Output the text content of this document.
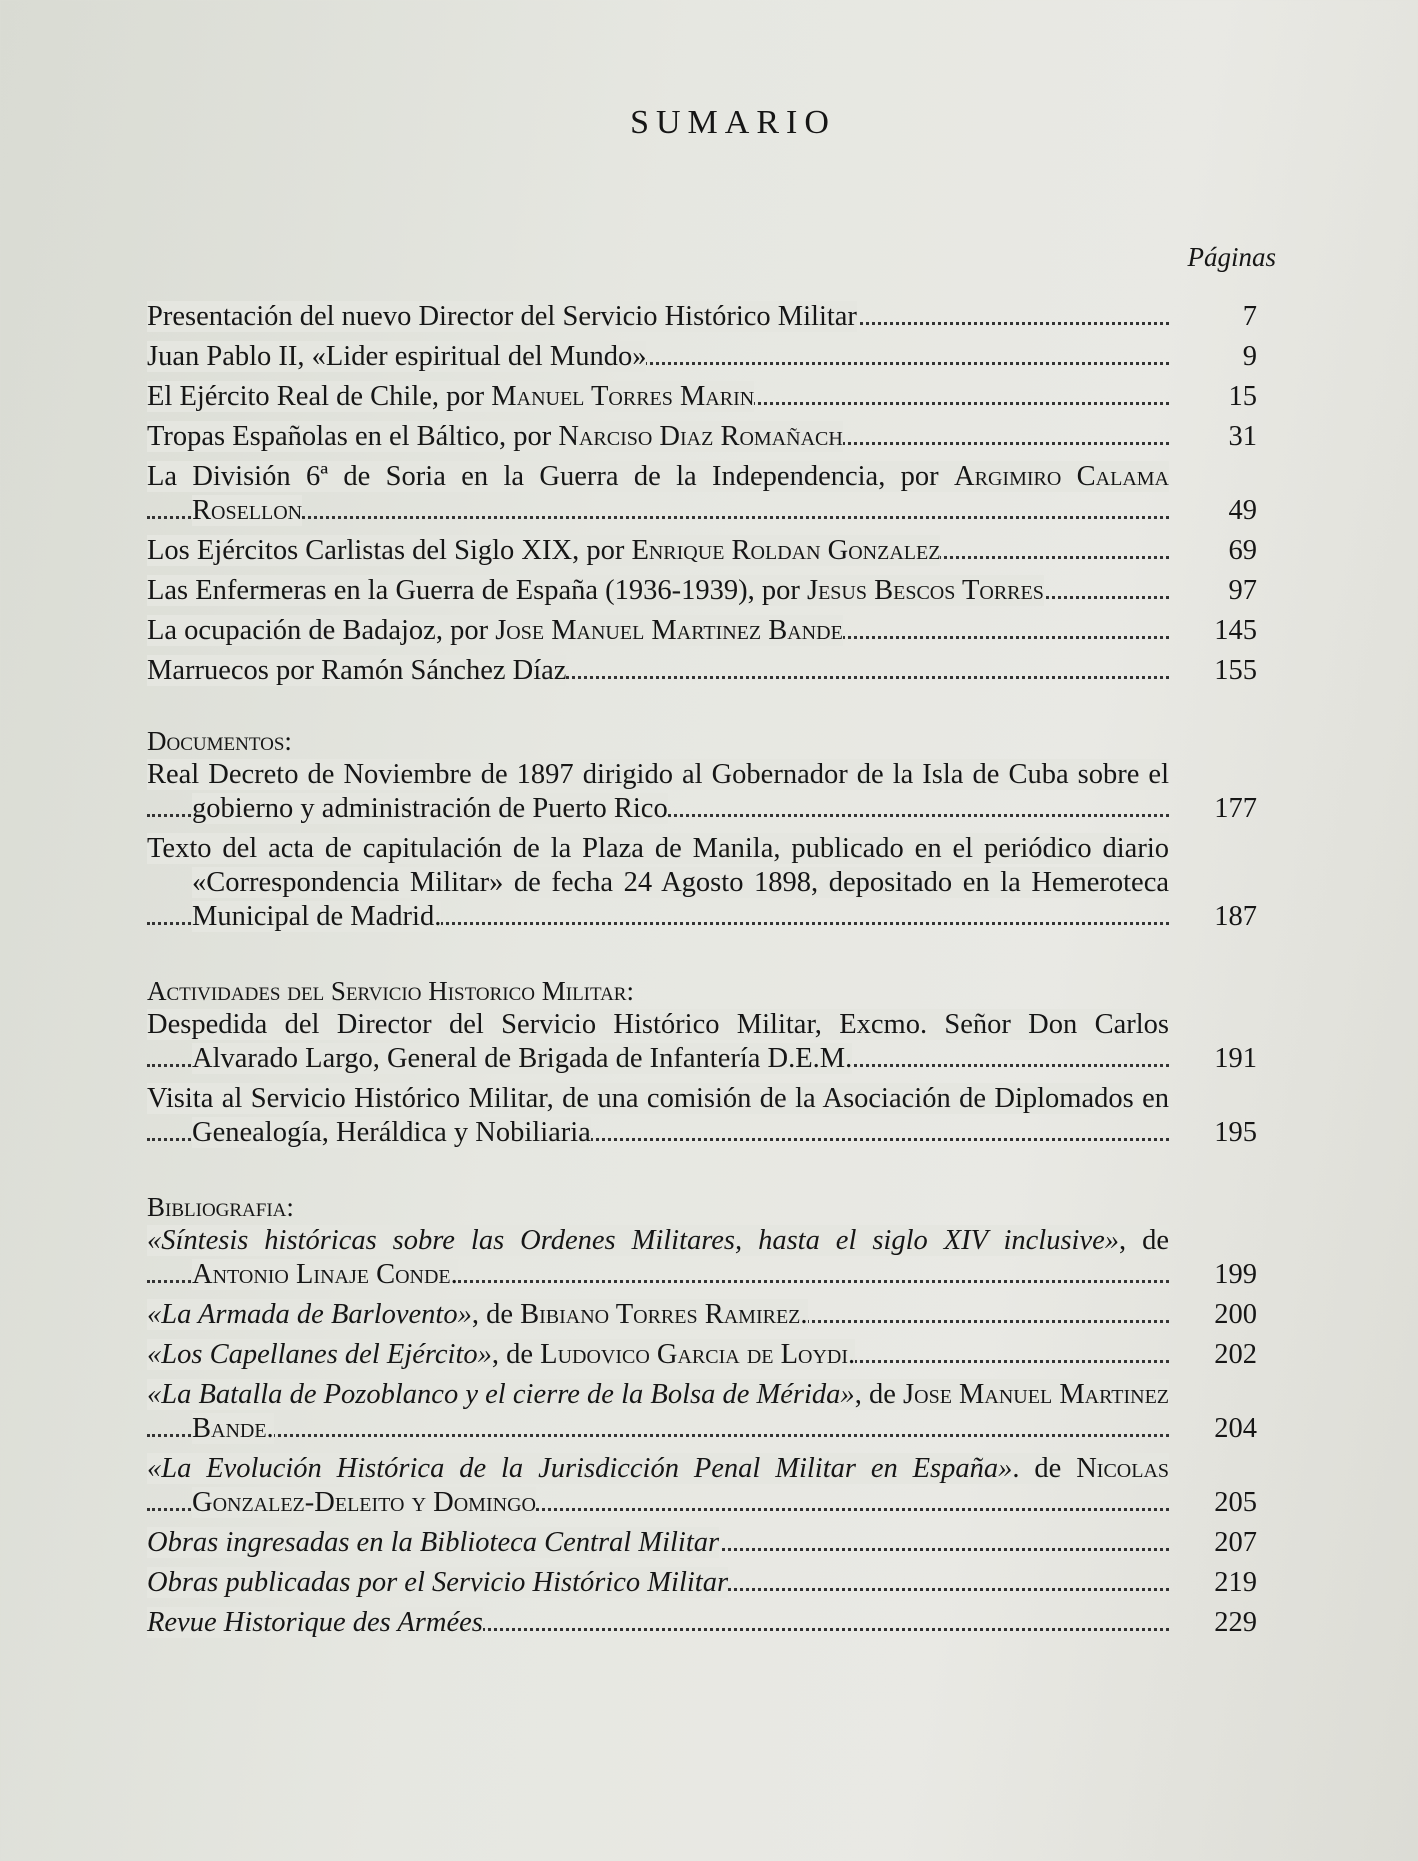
SUMARIO
Páginas
Presentación del nuevo Director del Servicio Histórico Militar	7
Juan Pablo II, «Lider espiritual del Mundo»	9
El Ejército Real de Chile, por Manuel Torres Marin	15
Tropas Españolas en el Báltico, por Narciso Diaz Romañach	31
La División 6ª de Soria en la Guerra de la Independencia, por Argimiro Calama Rosellon	49
Los Ejércitos Carlistas del Siglo XIX, por Enrique Roldan Gonzalez	69
Las Enfermeras en la Guerra de España (1936-1939), por Jesus Bescos Torres	97
La ocupación de Badajoz, por Jose Manuel Martinez Bande	145
Marruecos por Ramón Sánchez Díaz	155
Documentos:
Real Decreto de Noviembre de 1897 dirigido al Gobernador de la Isla de Cuba sobre el gobierno y administración de Puerto Rico	177
Texto del acta de capitulación de la Plaza de Manila, publicado en el periódico diario «Correspondencia Militar» de fecha 24 Agosto 1898, depositado en la Hemeroteca Municipal de Madrid.	187
Actividades del Servicio Historico Militar:
Despedida del Director del Servicio Histórico Militar, Excmo. Señor Don Carlos Alvarado Largo, General de Brigada de Infantería D.E.M.	191
Visita al Servicio Histórico Militar, de una comisión de la Asociación de Diplomados en Genealogía, Heráldica y Nobiliaria	195
Bibliografia:
«Síntesis históricas sobre las Ordenes Militares, hasta el siglo XIV inclusive», de Antonio Linaje Conde.	199
«La Armada de Barlovento», de Bibiano Torres Ramirez.	200
«Los Capellanes del Ejército», de Ludovico Garcia de Loydi.	202
«La Batalla de Pozoblanco y el cierre de la Bolsa de Mérida», de Jose Manuel Martinez Bande.	204
«La Evolución Histórica de la Jurisdicción Penal Militar en España». de Nicolas Gonzalez-Deleito y Domingo	205
Obras ingresadas en la Biblioteca Central Militar	207
Obras publicadas por el Servicio Histórico Militar	219
Revue Historique des Armées	229
